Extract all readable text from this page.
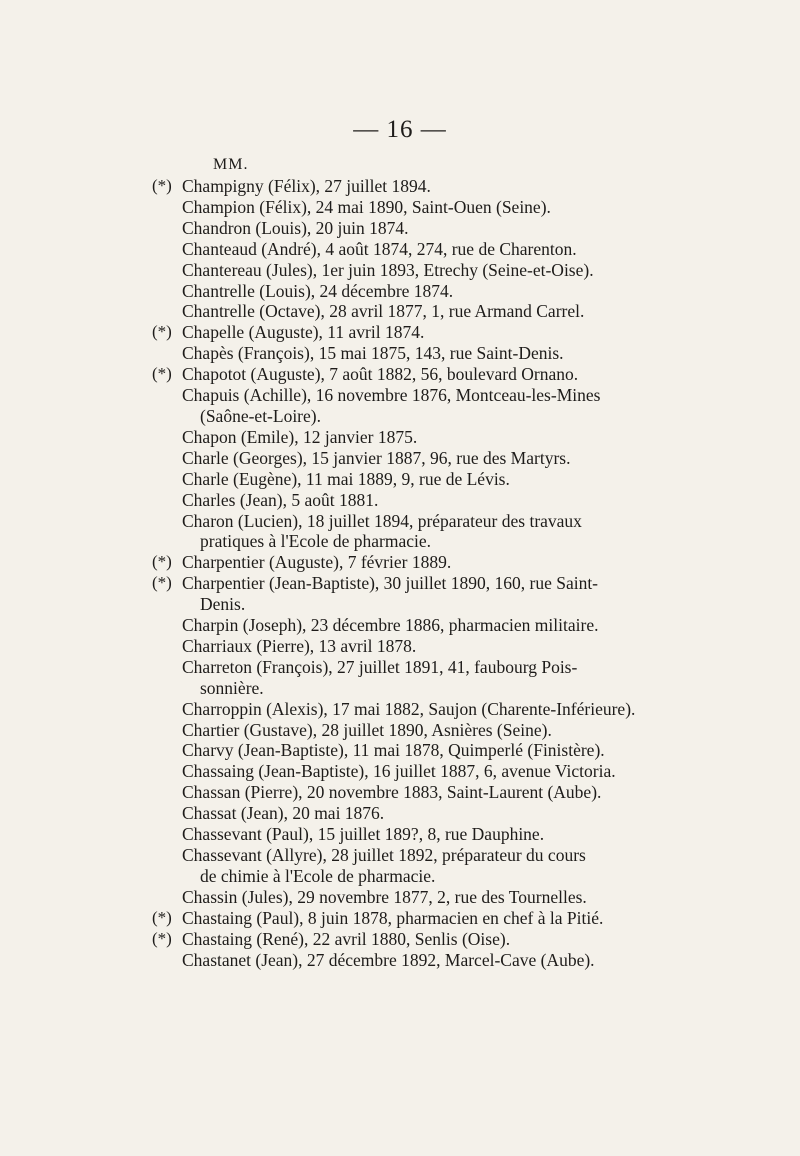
— 16 —
MM.
(*) Champigny (Félix), 27 juillet 1894.
Champion (Félix), 24 mai 1890, Saint-Ouen (Seine).
Chandron (Louis), 20 juin 1874.
Chanteaud (André), 4 août 1874, 274, rue de Charenton.
Chantereau (Jules), 1er juin 1893, Etrechy (Seine-et-Oise).
Chantrelle (Louis), 24 décembre 1874.
Chantrelle (Octave), 28 avril 1877, 1, rue Armand Carrel.
(*) Chapelle (Auguste), 11 avril 1874.
Chapès (François), 15 mai 1875, 143, rue Saint-Denis.
(*) Chapotot (Auguste), 7 août 1882, 56, boulevard Ornano.
Chapuis (Achille), 16 novembre 1876, Montceau-les-Mines
(Saône-et-Loire).
Chapon (Emile), 12 janvier 1875.
Charle (Georges), 15 janvier 1887, 96, rue des Martyrs.
Charle (Eugène), 11 mai 1889, 9, rue de Lévis.
Charles (Jean), 5 août 1881.
Charon (Lucien), 18 juillet 1894, préparateur des travaux
pratiques à l'Ecole de pharmacie.
(*) Charpentier (Auguste), 7 février 1889.
(*) Charpentier (Jean-Baptiste), 30 juillet 1890, 160, rue Saint-
Denis.
Charpin (Joseph), 23 décembre 1886, pharmacien militaire.
Charriaux (Pierre), 13 avril 1878.
Charreton (François), 27 juillet 1891, 41, faubourg Pois-
sonnière.
Charroppin (Alexis), 17 mai 1882, Saujon (Charente-Inférieure).
Chartier (Gustave), 28 juillet 1890, Asnières (Seine).
Charvy (Jean-Baptiste), 11 mai 1878, Quimperlé (Finistère).
Chassaing (Jean-Baptiste), 16 juillet 1887, 6, avenue Victoria.
Chassan (Pierre), 20 novembre 1883, Saint-Laurent (Aube).
Chassat (Jean), 20 mai 1876.
Chassevant (Paul), 15 juillet 189?, 8, rue Dauphine.
Chassevant (Allyre), 28 juillet 1892, préparateur du cours
de chimie à l'Ecole de pharmacie.
Chassin (Jules), 29 novembre 1877, 2, rue des Tournelles.
(*) Chastaing (Paul), 8 juin 1878, pharmacien en chef à la Pitié.
(*) Chastaing (René), 22 avril 1880, Senlis (Oise).
Chastanet (Jean), 27 décembre 1892, Marcel-Cave (Aube).
